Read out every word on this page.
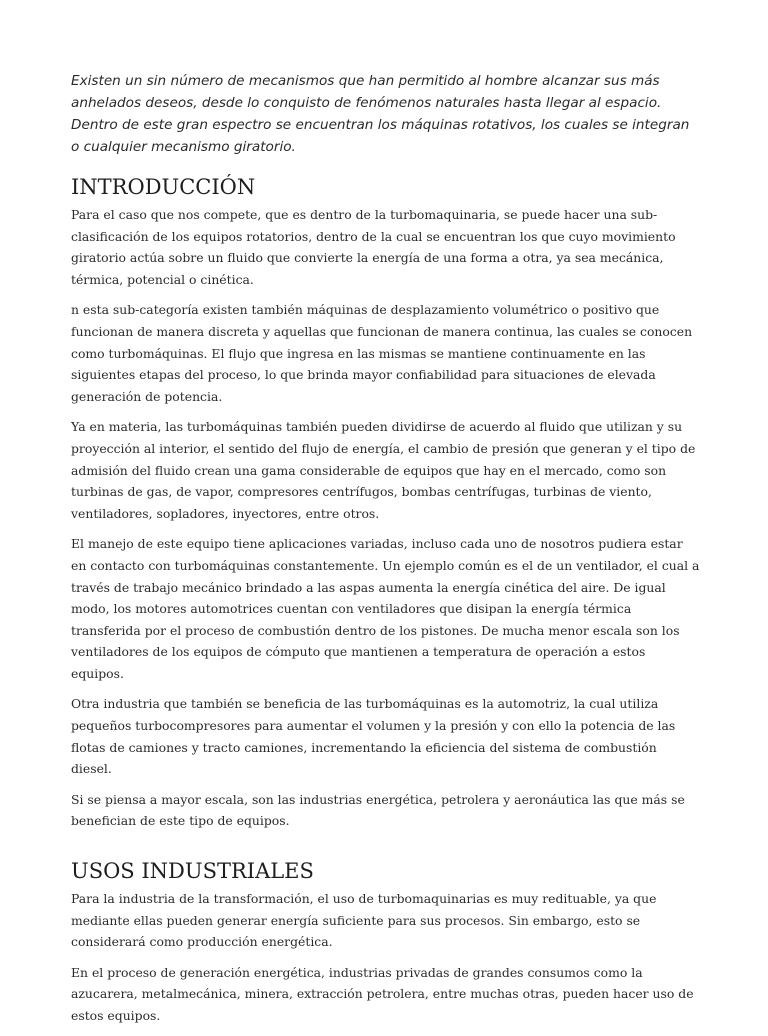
Existen un sin número de mecanismos que han permitido al hombre alcanzar sus más anhelados deseos, desde lo conquisto de fenómenos naturales hasta llegar al espacio. Dentro de este gran espectro se encuentran los máquinas rotativos, los cuales se integran o cualquier mecanismo giratorio.

INTRODUCCIÓN

Para el caso que nos compete, que es dentro de la turbomaquinaria, se puede hacer una sub-clasificación de los equipos rotatorios, dentro de la cual se encuentran los que cuyo movimiento giratorio actúa sobre un fluido que convierte la energía de una forma a otra, ya sea mecánica, térmica, potencial o cinética.

n esta sub-categoría existen también máquinas de desplazamiento volumétrico o positivo que funcionan de manera discreta y aquellas que funcionan de manera continua, las cuales se conocen como turbomáquinas. El flujo que ingresa en las mismas se mantiene continuamente en las siguientes etapas del proceso, lo que brinda mayor confiabilidad para situaciones de elevada generación de potencia.

Ya en materia, las turbomáquinas también pueden dividirse de acuerdo al fluido que utilizan y su proyección al interior, el sentido del flujo de energía, el cambio de presión que generan y el tipo de admisión del fluido crean una gama considerable de equipos que hay en el mercado, como son turbinas de gas, de vapor, compresores centrífugos, bombas centrífugas, turbinas de viento, ventiladores, sopladores, inyectores, entre otros.

El manejo de este equipo tiene aplicaciones variadas, incluso cada uno de nosotros pudiera estar en contacto con turbomáquinas constantemente. Un ejemplo común es el de un ventilador, el cual a través de trabajo mecánico brindado a las aspas aumenta la energía cinética del aire. De igual modo, los motores automotrices cuentan con ventiladores que disipan la energía térmica transferida por el proceso de combustión dentro de los pistones. De mucha menor escala son los ventiladores de los equipos de cómputo que mantienen a temperatura de operación a estos equipos.

Otra industria que también se beneficia de las turbomáquinas es la automotriz, la cual utiliza pequeños turbocompresores para aumentar el volumen y la presión y con ello la potencia de las flotas de camiones y tracto camiones, incrementando la eficiencia del sistema de combustión diesel.

Si se piensa a mayor escala, son las industrias energética, petrolera y aeronáutica las que más se benefician de este tipo de equipos.

USOS INDUSTRIALES

Para la industria de la transformación, el uso de turbomaquinarias es muy redituable, ya que mediante ellas pueden generar energía suficiente para sus procesos. Sin embargo, esto se considerará como producción energética.

En el proceso de generación energética, industrias privadas de grandes consumos como la azucarera, metalmecánica, minera, extracción petrolera, entre muchas otras, pueden hacer uso de estos equipos.
